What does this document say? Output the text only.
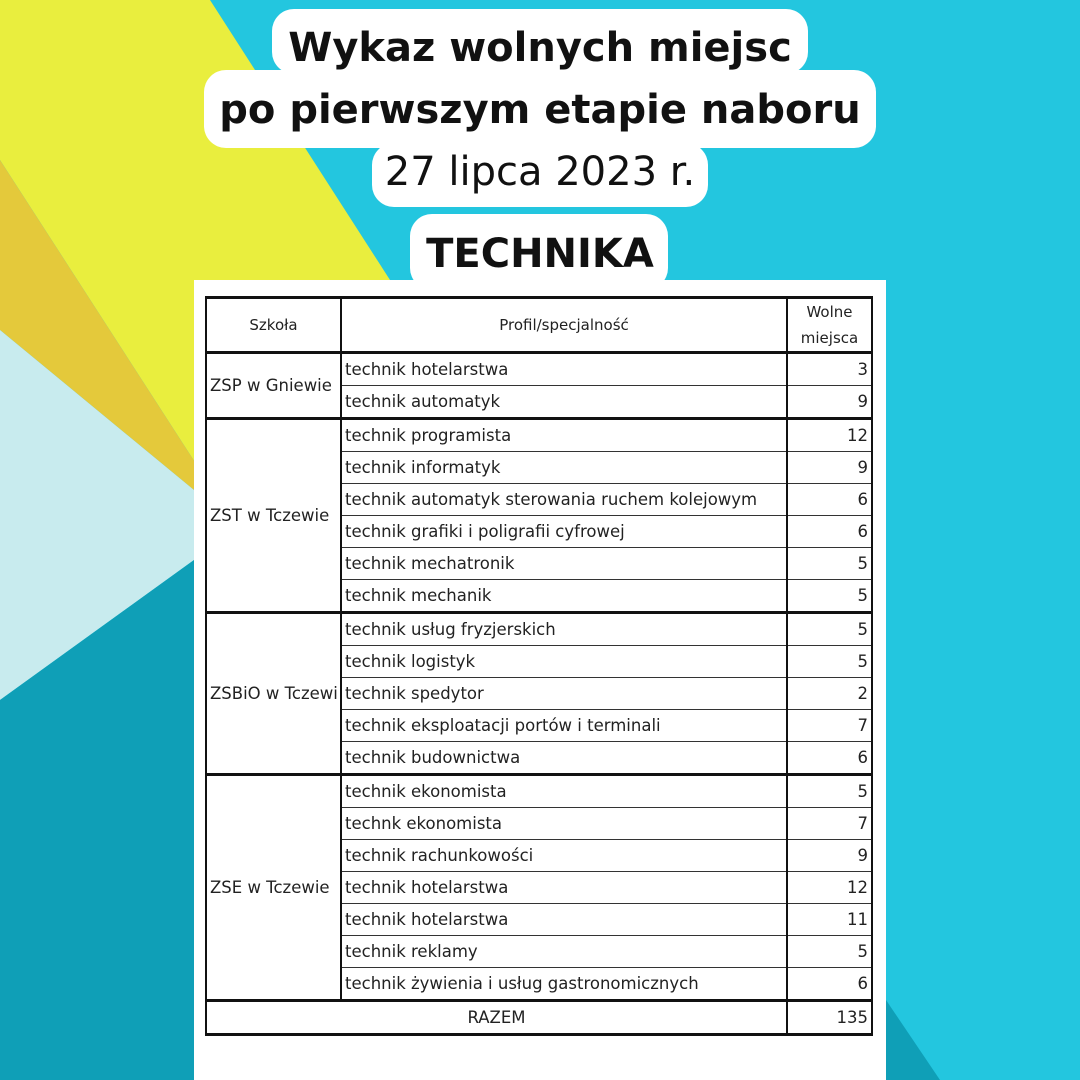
Wykaz wolnych miejsc
po pierwszym etapie naboru
27 lipca 2023 r.
TECHNIKA
Szkoła	Profil/specjalność	Wolne
miejsca
ZSP w Gniewie	technik hotelarstwa	3
	technik automatyk	9
ZST w Tczewie	technik programista	12
	technik informatyk	9
	technik automatyk sterowania ruchem kolejowym	6
	technik grafiki i poligrafii cyfrowej	6
	technik mechatronik	5
	technik mechanik	5
ZSBiO w Tczewi	technik usług fryzjerskich	5
	technik logistyk	5
	technik spedytor	2
	technik eksploatacji portów i terminali	7
	technik budownictwa	6
ZSE w Tczewie	technik ekonomista	5
	technk ekonomista	7
	technik rachunkowości	9
	technik hotelarstwa	12
	technik hotelarstwa	11
	technik reklamy	5
	technik żywienia i usług gastronomicznych	6
RAZEM		135
